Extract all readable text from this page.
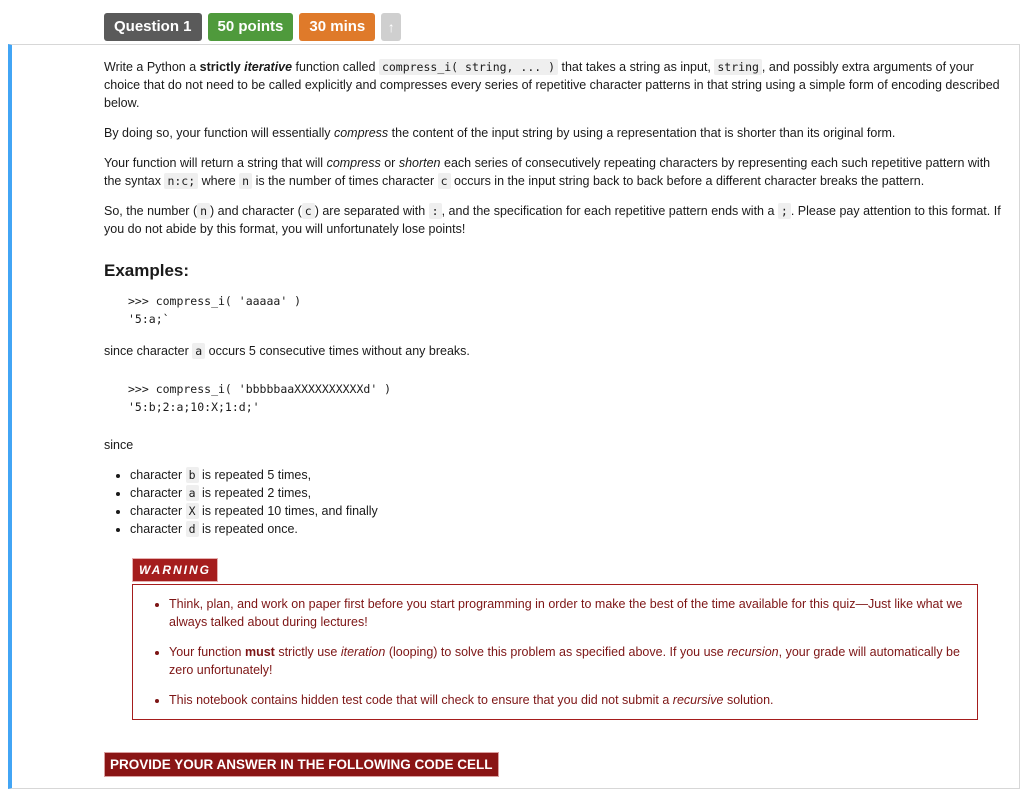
Question 1	50 points	30 mins	↑

Write a Python a strictly iterative function called compress_i( string, ... ) that takes a string as input, string , and possibly extra arguments of your choice that do not need to be called explicitly and compresses every series of repetitive character patterns in that string using a simple form of encoding described below.

By doing so, your function will essentially compress the content of the input string by using a representation that is shorter than its original form.

Your function will return a string that will compress or shorten each series of consecutively repeating characters by representing each such repetitive pattern with the syntax n:c; where n is the number of times character c occurs in the input string back to back before a different character breaks the pattern.

So, the number ( n ) and character ( c ) are separated with : , and the specification for each repetitive pattern ends with a ; . Please pay attention to this format. If you do not abide by this format, you will unfortunately lose points!

Examples:
>>> compress_i( 'aaaaa' )
'5:a;`

since character a occurs 5 consecutive times without any breaks.

>>> compress_i( 'bbbbbaaXXXXXXXXXXd' )
'5:b;2:a;10:X;1:d;'

since

• character b is repeated 5 times,
• character a is repeated 2 times,
• character X is repeated 10 times, and finally
• character d is repeated once.
WARNING
• Think, plan, and work on paper first before you start programming in order to make the best of the time available for this quiz—Just like what we always talked about during lectures!
• Your function must strictly use iteration (looping) to solve this problem as specified above. If you use recursion, your grade will automatically be zero unfortunately!
• This notebook contains hidden test code that will check to ensure that you did not submit a recursive solution.
PROVIDE YOUR ANSWER IN THE FOLLOWING CODE CELL
